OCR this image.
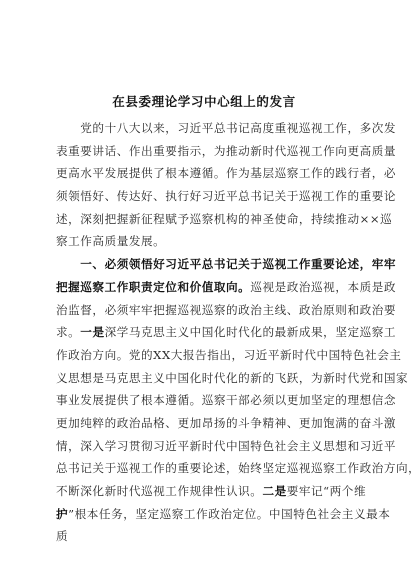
在县委理论学习中心组上的发言
　　党的十八大以来，习近平总书记高度重视巡视工作，多次发
表重要讲话、作出重要指示，为推动新时代巡视工作向更高质量
更高水平发展提供了根本遵循。作为基层巡察工作的践行者，必
须领悟好、传达好、执行好习近平总书记关于巡视工作的重要论
述，深刻把握新征程赋予巡察机构的神圣使命，持续推动××巡
察工作高质量发展。
　　一、必须领悟好习近平总书记关于巡视工作重要论述，牢牢
把握巡察工作职责定位和价值取向。巡视是政治巡视，本质是政
治监督，必须牢牢把握巡视巡察的政治主线、政治原则和政治要
求。一是深学马克思主义中国化时代化的最新成果，坚定巡察工
作政治方向。党的XX大报告指出，习近平新时代中国特色社会主
义思想是马克思主义中国化时代化的新的飞跃，为新时代党和国家
事业发展提供了根本遵循。巡察干部必须以更加坚定的理想信念
更加纯粹的政治品格、更加昂扬的斗争精神、更加饱满的奋斗激
情，深入学习贯彻习近平新时代中国特色社会主义思想和习近平
总书记关于巡视工作的重要论述，始终坚定巡视巡察工作政治方向，
不断深化新时代巡视工作规律性认识。二是要牢记“两个维
护”根本任务，坚定巡察工作政治定位。中国特色社会主义最本
质
